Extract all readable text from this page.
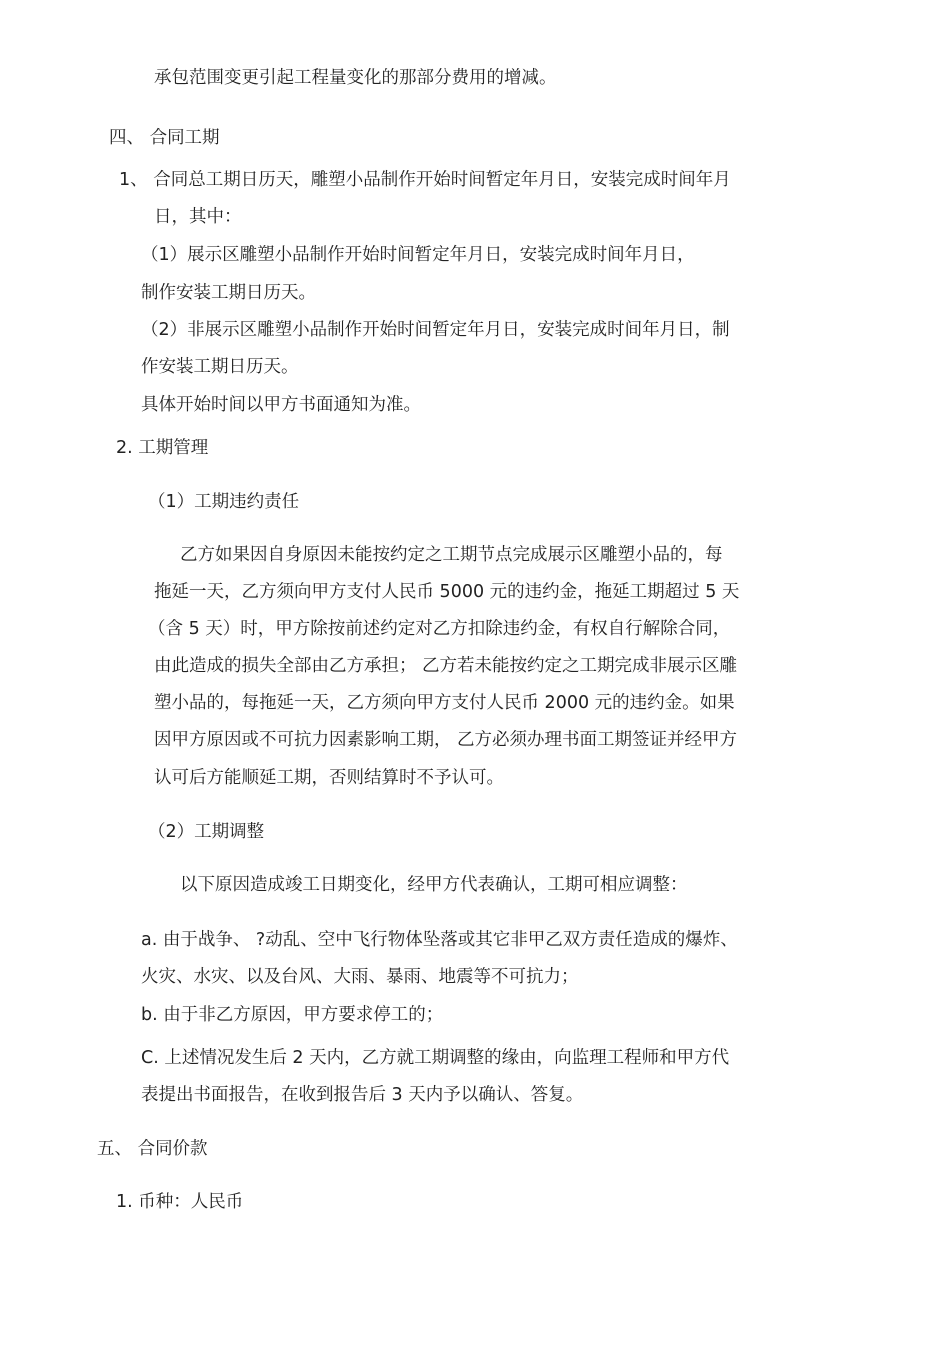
承包范围变更引起工程量变化的那部分费用的增减。
四、 合同工期
1、 合同总工期日历天，雕塑小品制作开始时间暂定年月日，安装完成时间年月
日，其中：
（1）展示区雕塑小品制作开始时间暂定年月日，安装完成时间年月日，
制作安装工期日历天。
（2）非展示区雕塑小品制作开始时间暂定年月日，安装完成时间年月日，制
作安装工期日历天。
具体开始时间以甲方书面通知为准。
2. 工期管理
（1）工期违约责任
乙方如果因自身原因未能按约定之工期节点完成展示区雕塑小品的，每
拖延一天，乙方须向甲方支付人民币 5000 元的违约金，拖延工期超过 5 天
（含 5 天）时，甲方除按前述约定对乙方扣除违约金，有权自行解除合同，
由此造成的损失全部由乙方承担； 乙方若未能按约定之工期完成非展示区雕
塑小品的，每拖延一天，乙方须向甲方支付人民币 2000 元的违约金。如果
因甲方原因或不可抗力因素影响工期， 乙方必须办理书面工期签证并经甲方
认可后方能顺延工期，否则结算时不予认可。
（2）工期调整
以下原因造成竣工日期变化，经甲方代表确认，工期可相应调整：
a. 由于战争、 ?动乱、空中飞行物体坠落或其它非甲乙双方责任造成的爆炸、
火灾、水灾、以及台风、大雨、暴雨、地震等不可抗力；
b. 由于非乙方原因，甲方要求停工的；
C. 上述情况发生后 2 天内，乙方就工期调整的缘由，向监理工程师和甲方代
表提出书面报告，在收到报告后 3 天内予以确认、答复。
五、 合同价款
1. 币种：人民币
